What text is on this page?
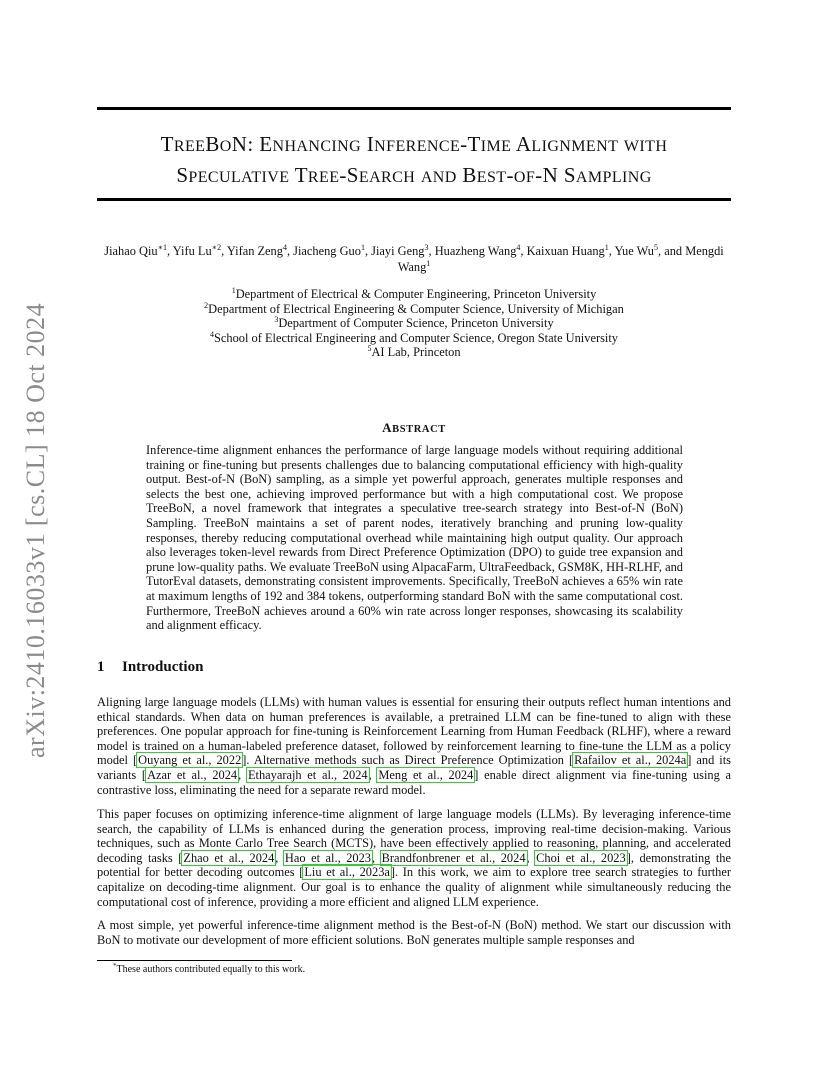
arXiv:2410.16033v1 [cs.CL] 18 Oct 2024
TREEBON: ENHANCING INFERENCE-TIME ALIGNMENT WITH
SPECULATIVE TREE-SEARCH AND BEST-OF-N SAMPLING
Jiahao Qiu$^{∗1}$, Yifu $Lu^{∗2}$, Yifan Zeng$^4$, Jiacheng Guo$^1$, Jiayi Geng$^3$, Huazheng Wang$^4$, Kaixuan Huang$^1$, Yue Wu$^5$, and Mengdi Wang$^1$
$^1$Department of Electrical & Computer Engineering, Princeton University
$^2$Department of Electrical Engineering & Computer Science, University of Michigan
$^3$Department of Computer Science, Princeton University
$^4$School of Electrical Engineering and Computer Science, Oregon State University
$^5$AI Lab, Princeton
ABSTRACT

Inference-time alignment enhances the performance of large language models without requiring additional training or fine-tuning but presents challenges due to balancing computational efficiency with high-quality output. Best-of-N (BoN) sampling, as a simple yet powerful approach, generates multiple responses and selects the best one, achieving improved performance but with a high computational cost. We propose TreeBoN, a novel framework that integrates a speculative tree-search strategy into Best-of-N (BoN) Sampling. TreeBoN maintains a set of parent nodes, iteratively branching and pruning low-quality responses, thereby reducing computational overhead while maintaining high output quality. Our approach also leverages token-level rewards from Direct Preference Optimization (DPO) to guide tree expansion and prune low-quality paths. We evaluate TreeBoN using AlpacaFarm, UltraFeedback, GSM8K, HH-RLHF, and TutorEval datasets, demonstrating consistent improvements. Specifically, TreeBoN achieves a 65% win rate at maximum lengths of 192 and 384 tokens, outperforming standard BoN with the same computational cost. Furthermore, TreeBoN achieves around a 60% win rate across longer responses, showcasing its scalability and alignment efficacy.

1 Introduction

Aligning large language models (LLMs) with human values is essential for ensuring their outputs reflect human intentions and ethical standards. When data on human preferences is available, a pretrained LLM can be fine-tuned to align with these preferences. One popular approach for fine-tuning is Reinforcement Learning from Human Feedback (RLHF), where a reward model is trained on a human-labeled preference dataset, followed by reinforcement learning to fine-tune the LLM as a policy model [Ouyang et al., 2022]. Alternative methods such as Direct Preference Optimization [Rafailov et al., 2024a] and its variants [Azar et al., 2024, Ethayarajh et al., 2024, Meng et al., 2024] enable direct alignment via fine-tuning using a contrastive loss, eliminating the need for a separate reward model.

This paper focuses on optimizing inference-time alignment of large language models (LLMs). By leveraging inference-time search, the capability of LLMs is enhanced during the generation process, improving real-time decision-making. Various techniques, such as Monte Carlo Tree Search (MCTS), have been effectively applied to reasoning, planning, and accelerated decoding tasks [Zhao et al., 2024, Hao et al., 2023, Brandfonbrener et al., 2024, Choi et al., 2023], demonstrating the potential for better decoding outcomes [Liu et al., 2023a]. In this work, we aim to explore tree search strategies to further capitalize on decoding-time alignment. Our goal is to enhance the quality of alignment while simultaneously reducing the computational cost of inference, providing a more efficient and aligned LLM experience.

A most simple, yet powerful inference-time alignment method is the Best-of-N (BoN) method. We start our discussion with BoN to motivate our development of more efficient solutions. BoN generates multiple sample responses and

*These authors contributed equally to this work.
